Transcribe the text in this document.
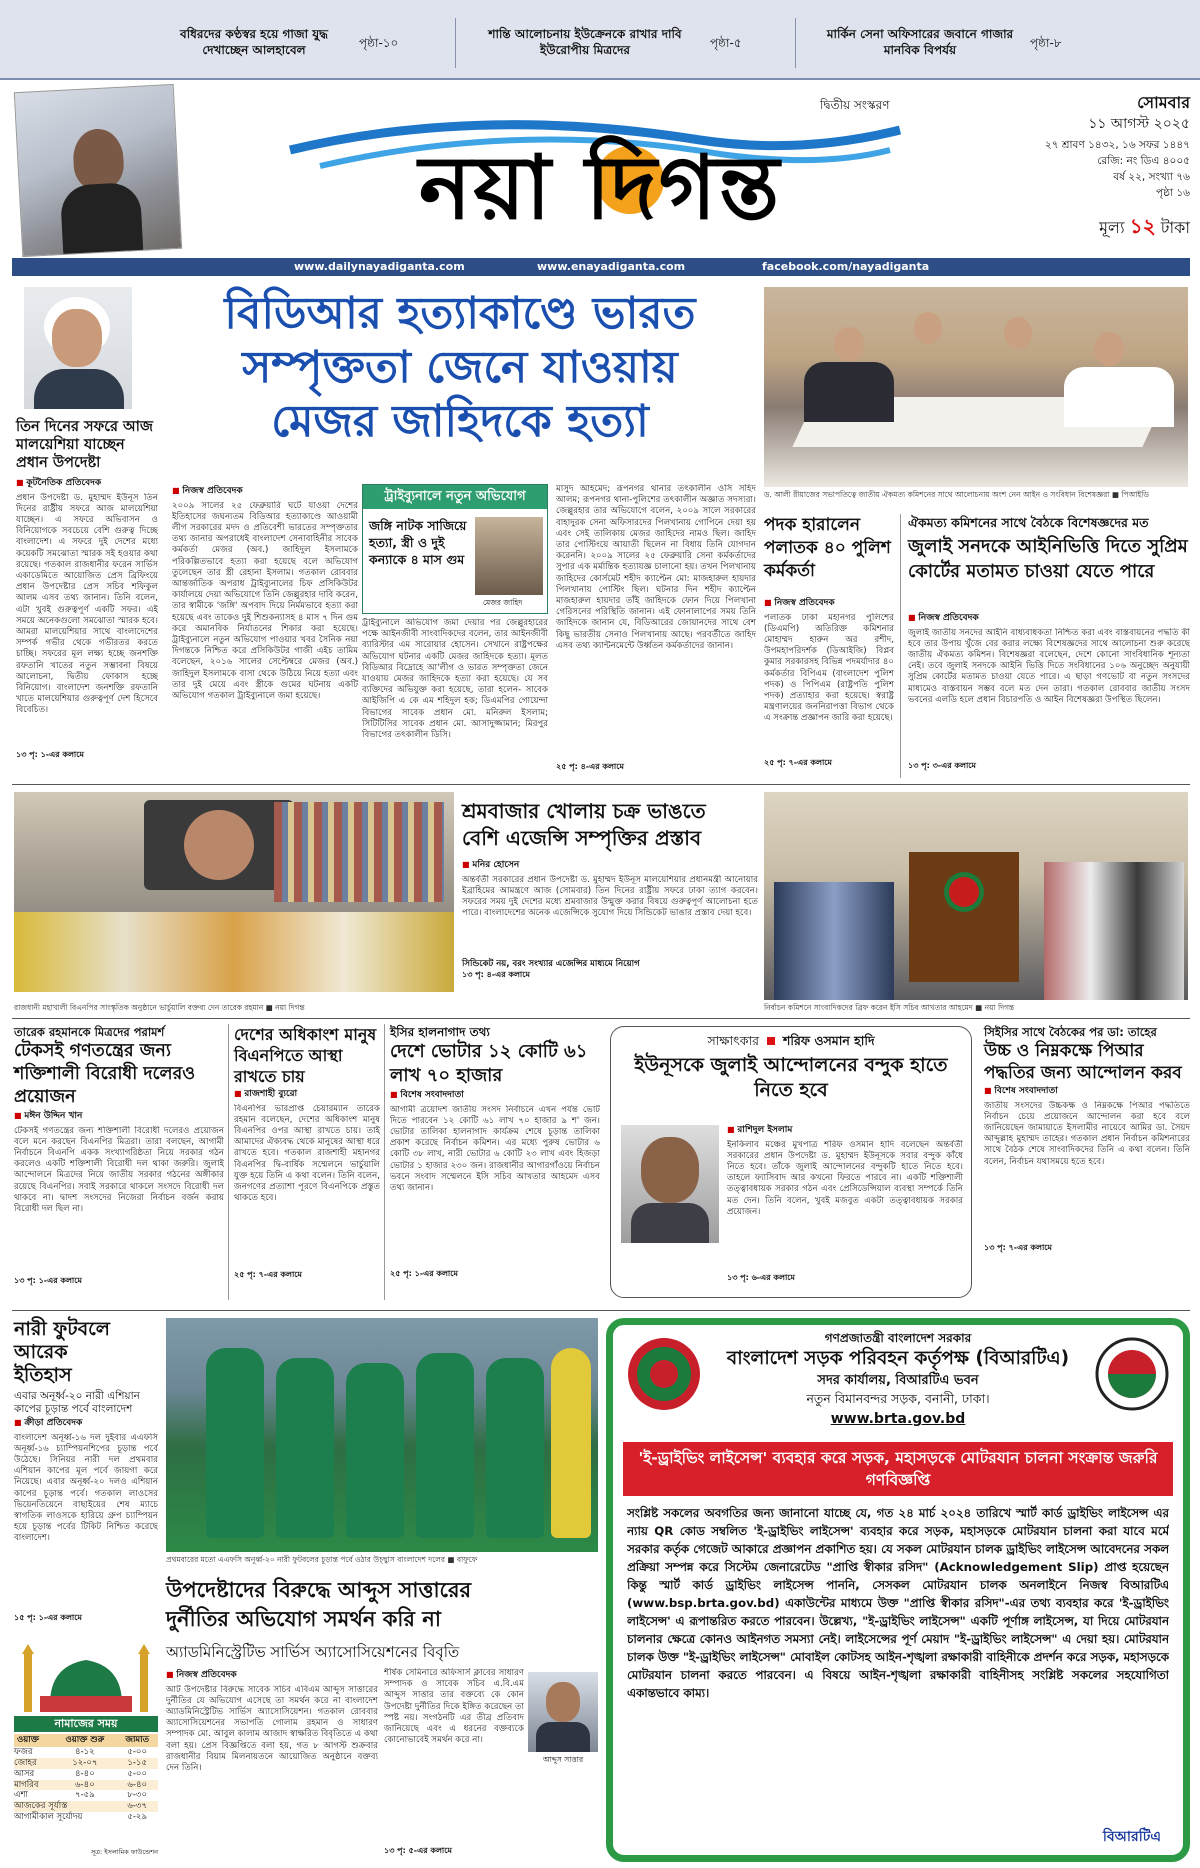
বধিরদের কণ্ঠস্বর হয়ে গাজা যুদ্ধ দেখাচ্ছেন আলহাবেল	পৃষ্ঠা-১০
শান্তি আলোচনায় ইউক্রেনকে রাখার দাবি ইউরোপীয় মিত্রদের	পৃষ্ঠা-৫
মার্কিন সেনা অফিসারের জবানে গাজার মানবিক বিপর্যয়	পৃষ্ঠা-৮
দ্বিতীয় সংস্করণ
নয়া দিগন্ত
সোমবার
১১ আগস্ট ২০২৫
২৭ শ্রাবণ ১৪৩২, ১৬ সফর ১৪৪৭
রেজি: নং ডিএ ৪০০৫
বর্ষ ২২, সংখ্যা ৭৬
পৃষ্ঠা ১৬
মূল্য ১২ টাকা
www.dailynayadiganta.com	www.enayadiganta.com	facebook.com/nayadiganta
তিন দিনের সফরে আজ মালয়েশিয়া যাচ্ছেন প্রধান উপদেষ্টা
■ কূটনৈতিক প্রতিবেদক
প্রধান উপদেষ্টা ড. মুহাম্মদ ইউনূস তিন দিনের রাষ্ট্রীয় সফরে আজ মালয়েশিয়া যাচ্ছেন। এ সফরে অভিবাসন ও বিনিয়োগকে সবচেয়ে বেশি গুরুত্ব দিচ্ছে বাংলাদেশ। এ সফরে দুই দেশের মধ্যে কয়েকটি সমঝোতা স্মারক সই হওয়ার কথা রয়েছে। গতকাল রাজধানীর ফরেন সার্ভিস একাডেমিতে আয়োজিত প্রেস ব্রিফিংয়ে প্রধান উপদেষ্টার প্রেস সচিব শফিকুল আলম এসব তথ্য জানান। তিনি বলেন, এটা খুবই গুরুত্বপূর্ণ একটি সফর। এই সময়ে অনেকগুলো সমঝোতা স্মারক হবে। আমরা মালয়েশিয়ার সাথে বাংলাদেশের সম্পর্ক গভীর থেকে গভীরতর করতে চাচ্ছি। সফরের মূল লক্ষ্য হচ্ছে জনশক্তি রফতানি খাতের নতুন সম্ভাবনা বিষয়ে আলোচনা, দ্বিতীয় ফোকাস হচ্ছে বিনিয়োগ। বাংলাদেশ জনশক্তি রফতানি খাতে মালয়েশিয়ার গুরুত্বপূর্ণ দেশ হিসেবে বিবেচিত।
১৩ পৃ: ১-এর কলামে
বিডিআর হত্যাকাণ্ডে ভারত
সম্পৃক্ততা জেনে যাওয়ায়
মেজর জাহিদকে হত্যা
■ নিজস্ব প্রতিবেদক
২০০৯ সালের ২৫ ফেব্রুয়ারি ঘটে যাওয়া দেশের ইতিহাসের জঘন্যতম বিডিআর হত্যাকাণ্ডে আওয়ামী লীগ সরকারের মদদ ও প্রতিবেশী ভারতের সম্পৃক্ততার তথ্য জানার অপরাধেই বাংলাদেশ সেনাবাহিনীর সাবেক কর্মকর্তা মেজর (অব.) জাহিদুল ইসলামকে পরিকল্পিতভাবে হত্যা করা হয়েছে বলে অভিযোগ তুলেছেন তার স্ত্রী রেহানা ইসলাম। গতকাল রোববার আন্তর্জাতিক অপরাধ ট্রাইব্যুনালের চিফ প্রসিকিউটর কার্যালয়ে দেয়া অভিযোগে তিনি জেল্লুরহার দাবি করেন, তার স্বামীকে 'জঙ্গি' অপবাদ দিয়ে নির্মমভাবে হত্যা করা হয়েছে এবং তাকেও দুই শিশুকন্যাসহ ৪ মাস ৭ দিন গুম করে অমানবিক নির্যাতনের শিকার করা হয়েছে। ট্রাইব্যুনালে নতুন অভিযোগ পাওয়ার খবর সৈনিক নয়া দিগন্তকে নিশ্চিত করে প্রসিকিউটর গাজী এইচ তামিম বলেছেন, ২০১৬ সালের সেপ্টেম্বরে মেজর (অব.) জাহিদুল ইসলামকে বাসা থেকে উঠিয়ে নিয়ে হত্যা এবং তার দুই মেয়ে এবং স্ত্রীকে গুমের ঘটনায় একটি অভিযোগ গতকাল ট্রাইব্যুনালে জমা হয়েছে।
ট্রাইব্যুনালে নতুন অভিযোগ
জঙ্গি নাটক সাজিয়ে হত্যা, স্ত্রী ও দুই কন্যাকে ৪ মাস গুম
মেজর জাহিদ
ট্রাইব্যুনালে অভিযোগ জমা দেয়ার পর জেল্লুরহারের পক্ষে আইনজীবী সাংবাদিকদের বলেন, তার আইনজীবী ব্যারিস্টার এম সারোয়ার হোসেন। সেখানে রাষ্ট্রপক্ষের অভিযোগ ঘটনার একটি মেজর জাহিদকে হত্যা। মূলত বিডিআর বিদ্রোহে আ'লীগ ও ভারত সম্পৃক্ততা জেনে যাওয়ায় মেজর জাহিদকে হত্যা করা হয়েছে। যে সব ব্যক্তিদের অভিযুক্ত করা হয়েছে, তারা হলেন- সাবেক আইজিপি এ কে এম শহিদুল হক; ডিএমপির গোয়েন্দা বিভাগের সাবেক প্রধান মো. মনিরুল ইসলাম; সিটিটিসির সাবেক প্রধান মো. আসাদুজ্জামান; মিরপুর বিভাগের তৎকালীন ডিসি।
মাসুদ আহমেদ; রূপনগর থানার তৎকালীন ওসি সহিদ আলম; রূপনগর থানা-পুলিশের তৎকালীন অজ্ঞাত সদস্যরা। জেল্লুরহার তার অভিযোগে বলেন, ২০০৯ সালে সরকারের বাহাদুরক সেনা অফিসারদের পিলখানায় গোপিনে দেয়া হয় এবং সেই তালিকায় মেজর জাহিদের নামও ছিল। জাহিদ তার পোস্টিংয়ে আয়াতী ছিলেন না বিধায় তিনি যোগদান করেননি। ২০০৯ সালের ২৫ ফেব্রুয়ারি সেনা কর্মকর্তাদের সুপার এক মর্মান্তিক হত্যাযজ্ঞ চালানো হয়। তখন পিলখানায় জাহিদের কোর্সমেট শহীদ ক্যাপ্টেন মো: মাজহারুল হায়দার পিলখানায় পোস্টিং ছিল। ঘটনার দিন শহীদ ক্যাপ্টেন মাজহারুল হায়দার তাঁই জাহিদকে ফোন দিয়ে পিলখানা গেরিসনের পরিস্থিতি জানান। এই ফোনালাপের সময় তিনি জাহিদকে জানান যে, বিডিআরের জোয়ানদের সাথে বেশ কিছু ভারতীয় সেনাও পিলখানায় আছে। পরবর্তীতে জাহিদ এসব তথ্য ক্যান্টনমেন্টে উর্ধ্বতন কর্মকর্তাদের জানান।
২৫ পৃ: ৪-এর কলামে
ড. আলী রীয়াজের সভাপতিত্বে জাতীয় ঐকমত্য কমিশনের সাথে আলোচনায় অংশ নেন আইন ও সংবিধান বিশেষজ্ঞরা ■ পিআইডি
পদক হারালেন পলাতক ৪০ পুলিশ কর্মকর্তা
■ নিজস্ব প্রতিবেদক
পলাতক ঢাকা মহানগর পুলিশের (ডিএমপি) অতিরিক্ত কমিশনার মোহাম্মদ হারুন অর রশীদ, উপমহাপরিদর্শক (ডিআইজি) বিপ্লব কুমার সরকারসহ বিভিন্ন পদমর্যাদার ৪০ কর্মকর্তার বিপিএম (বাংলাদেশ পুলিশ পদক) ও পিপিএম (রাষ্ট্রপতি পুলিশ পদক) প্রত্যাহার করা হয়েছে। স্বরাষ্ট্র মন্ত্রণালয়ের জননিরাপত্তা বিভাগ থেকে এ সংক্রান্ত প্রজ্ঞাপন জারি করা হয়েছে।
২৫ পৃ: ৭-এর কলামে
ঐকমত্য কমিশনের সাথে বৈঠকে বিশেষজ্ঞদের মত
জুলাই সনদকে আইনিভিত্তি দিতে সুপ্রিম কোর্টের মতামত চাওয়া যেতে পারে
■ নিজস্ব প্রতিবেদক
জুলাই জাতীয় সনদের আইনি বাধ্যবাধকতা নিশ্চিত করা এবং বাস্তবায়নের পদ্ধতি কী হবে তার উপায় খুঁজে বের করার লক্ষ্যে বিশেষজ্ঞদের সাথে আলোচনা শুরু করেছে জাতীয় ঐকমত্য কমিশন। বিশেষজ্ঞরা বলেছেন, দেশে কোনো সাংবিধানিক শূন্যতা নেই। তবে জুলাই সনদকে আইনি ভিত্তি দিতে সংবিধানের ১০৬ অনুচ্ছেদ অনুযায়ী সুপ্রিম কোর্টের মতামত চাওয়া যেতে পারে। এ ছাড়া গণভোট বা নতুন সংসদের মাধ্যমেও বাস্তবায়ন সম্ভব বলে মত দেন তারা। গতকাল রোববার জাতীয় সংসদ ভবনের এলডি হলে প্রধান বিচারপতি ও আইন বিশেষজ্ঞরা উপস্থিত ছিলেন।
১৩ পৃ: ৩-এর কলামে
শ্রমবাজার খোলায় চক্র ভাঙতে
বেশি এজেন্সি সম্পৃক্তির প্রস্তাব
■ মনির হোসেন
অন্তর্বর্তী সরকারের প্রধান উপদেষ্টা ড. মুহাম্মদ ইউনূস মালয়েশিয়ার প্রধানমন্ত্রী আনোয়ার ইব্রাহিমের আমন্ত্রণে আজ (সোমবার) তিন দিনের রাষ্ট্রীয় সফরে ঢাকা ত্যাগ করবেন। সফরের সময় দুই দেশের মধ্যে শ্রমবাজার উন্মুক্ত করার বিষয়ে গুরুত্বপূর্ণ আলোচনা হতে পারে। বাংলাদেশের অনেক এজেন্সিকে সুযোগ দিয়ে সিন্ডিকেট ভাঙার প্রস্তাব দেয়া হবে।
সিন্ডিকেট নয়, বরং সংখ্যার এজেন্সির মাধ্যমে নিয়োগ
১৩ পৃ: ৪-এর কলামে
রাজধানী মহাখালী বিএনপির সাংস্কৃতিক অনুষ্ঠানে ভার্চুয়ালি বক্তব্য দেন তারেক রহমান ■ নয়া দিগন্ত	নির্বাচন কমিশনে সাংবাদিকদের ব্রিফ করেন ইসি সচিব আখতার আহমেদ ■ নয়া দিগন্ত
তারেক রহমানকে মিত্রদের পরামর্শ
টেকসই গণতন্ত্রের জন্য শক্তিশালী বিরোধী দলেরও প্রয়োজন
■ মঈন উদ্দিন খান
টেকসই গণতন্ত্রের জন্য শক্তিশালী বিরোধী দলেরও প্রয়োজন বলে মনে করছেন বিএনপির মিত্ররা। তারা বলছেন, আগামী নির্বাচনে বিএনপি একক সংখ্যাগরিষ্ঠতা নিয়ে সরকার গঠন করলেও একটি শক্তিশালী বিরোধী দল থাকা জরুরি। জুলাই আন্দোলনে মিত্রদের নিয়ে জাতীয় সরকার গঠনের অঙ্গীকার রয়েছে বিএনপির। সবাই সরকারে থাকলে সংসদে বিরোধী দল থাকবে না। দ্বাদশ সংসদের নিজেরা নির্বাচন বর্জন করায় বিরোধী দল ছিল না।
১৩ পৃ: ১-এর কলামে
দেশের অধিকাংশ মানুষ বিএনপিতে আস্থা রাখতে চায়
■ রাজশাহী ব্যুরো
বিএনপির ভারপ্রাপ্ত চেয়ারম্যান তারেক রহমান বলেছেন, দেশের অধিকাংশ মানুষ বিএনপির ওপর আস্থা রাখতে চায়। তাই আমাদের ঐক্যবদ্ধ থেকে মানুষের আস্থা ধরে রাখতে হবে। গতকাল রাজশাহী মহানগর বিএনপির দ্বি-বার্ষিক সম্মেলনে ভার্চুয়ালি যুক্ত হয়ে তিনি এ কথা বলেন। তিনি বলেন, জনগণের প্রত্যাশা পূরণে বিএনপিকে প্রস্তুত থাকতে হবে।
২৫ পৃ: ৭-এর কলামে
ইসির হালনাগাদ তথ্য
দেশে ভোটার ১২ কোটি ৬১ লাখ ৭০ হাজার
■ বিশেষ সংবাদদাতা
আগামী ত্রয়োদশ জাতীয় সংসদ নির্বাচনে এখন পর্যন্ত ভোট দিতে পারবেন ১২ কোটি ৬১ লাখ ৭০ হাজার ৯ শ' জন। ভোটার তালিকা হালনাগাদ কার্যক্রম শেষে চূড়ান্ত তালিকা প্রকাশ করেছে নির্বাচন কমিশন। এর মধ্যে পুরুষ ভোটার ৬ কোটি ৩৮ লাখ, নারী ভোটার ৬ কোটি ২৩ লাখ এবং হিজড়া ভোটার ১ হাজার ২৩০ জন। রাজধানীর আগারগাঁওয়ে নির্বাচন ভবনে সংবাদ সম্মেলনে ইসি সচিব আখতার আহমেদ এসব তথ্য জানান।
২৫ পৃ: ১-এর কলামে
সাক্ষাৎকার শরিফ ওসমান হাদি
ইউনূসকে জুলাই আন্দোলনের বন্দুক হাতে নিতে হবে
■ রাশিদুল ইসলাম
ইনকিলাব মঞ্চের মুখপাত্র শরিফ ওসমান হাদি বলেছেন অন্তর্বর্তী সরকারের প্রধান উপদেষ্টা ড. মুহাম্মদ ইউনূসকে সবার বন্দুক কাঁধে নিতে হবে। তাঁকে জুলাই আন্দোলনের বন্দুকটি হাতে নিতে হবে। তাহলে ফ্যাসিবাদ আর কখনো ফিরতে পারবে না। একটি শক্তিশালী তত্ত্বাবধায়ক সরকার গঠন এবং প্রেসিডেন্সিয়াল ব্যবস্থা সম্পর্কে তিনি মত দেন। তিনি বলেন, খুবই মজবুত একটা তত্ত্বাবধায়ক সরকার প্রয়োজন।
১৩ পৃ: ৬-এর কলামে
সিইসির সাথে বৈঠকের পর ডা: তাহের
উচ্চ ও নিম্নকক্ষে পিআর পদ্ধতির জন্য আন্দোলন করব
■ বিশেষ সংবাদদাতা
জাতীয় সংসদের উচ্চকক্ষ ও নিম্নকক্ষে পিআর পদ্ধতিতে নির্বাচন চেয়ে প্রয়োজনে আন্দোলন করা হবে বলে জানিয়েছেন জামায়াতে ইসলামীর নায়েবে আমির ডা. সৈয়দ আব্দুল্লাহ মুহাম্মদ তাহের। গতকাল প্রধান নির্বাচন কমিশনারের সাথে বৈঠক শেষে সাংবাদিকদের তিনি এ কথা বলেন। তিনি বলেন, নির্বাচন যথাসময়ে হতে হবে।
১৩ পৃ: ৭-এর কলামে
নারী ফুটবলে আরেক ইতিহাস
এবার অনূর্ধ্ব-২০ নারী এশিয়ান কাপের চূড়ান্ত পর্বে বাংলাদেশ
■ ক্রীড়া প্রতিবেদক
বাংলাদেশ অনূর্ধ্ব-১৬ দল দুইবার এএফসি অনূর্ধ্ব-১৬ চ্যাম্পিয়নশিপের চূড়ান্ত পর্বে উঠেছে। সিনিয়র নারী দল প্রথমবার এশিয়ান কাপের মূল পর্বে জায়গা করে নিয়েছে। এবার অনূর্ধ্ব-২০ দলও এশিয়ান কাপের চূড়ান্ত পর্বে। গতকাল লাওসের ভিয়েনতিয়েনে বাছাইয়ের শেষ ম্যাচে স্বাগতিক লাওসকে হারিয়ে গ্রুপ চ্যাম্পিয়ন হয়ে চূড়ান্ত পর্বের টিকিট নিশ্চিত করেছে বাংলাদেশ।
১৫ পৃ: ১-এর কলামে
প্রথমবারের মতো এএফসি অনূর্ধ্ব-২০ নারী ফুটবলের চূড়ান্ত পর্বে ওঠার উচ্ছ্বাস বাংলাদেশ দলের ■ বাফুফে
নামাজের সময়
ওয়াক্ত	ওয়াক্ত শুরু	জামাত
ফজর	৪-১২	৫-০০
জোহর	১২-০৭	১-১৫
আসর	৪-৪০	৫-০০
মাগরিব	৬-৪০	৬-৪০
এশা	৭-৫৯	৮-৩০
আজকের সূর্যাস্ত		৬-৩৭
আগামীকাল সূর্যোদয়		৫-২৯
সূত্র: ইসলামিক ফাউন্ডেশন
উপদেষ্টাদের বিরুদ্ধে আব্দুস সাত্তারের
দুর্নীতির অভিযোগ সমর্থন করি না
অ্যাডমিনিস্ট্রেটিভ সার্ভিস অ্যাসোসিয়েশনের বিবৃতি
■ নিজস্ব প্রতিবেদক
আট উপদেষ্টার বিরুদ্ধে সাবেক সচিব এবিএম আব্দুস সাত্তারের দুর্নীতির যে অভিযোগ এসেছে তা সমর্থন করে না বাংলাদেশ অ্যাডমিনিস্ট্রেটিভ সার্ভিস অ্যাসোসিয়েশন। গতকাল রোববার অ্যাসোসিয়েশনের সভাপতি গোলাম রহমান ও সাধারণ সম্পাদক মো. আবুল কালাম আজাদ স্বাক্ষরিত বিবৃতিতে এ কথা বলা হয়। প্রেস বিজ্ঞপ্তিতে বলা হয়, গত ৮ আগস্ট শুক্রবার রাজধানীর বিয়াম মিলনায়তনে আয়োজিত অনুষ্ঠানে বক্তব্য দেন তিনি।
শীর্ষক সেমিনারে অফিসার্স ক্লাবের সাধারণ সম্পাদক ও সাবেক সচিব এ.বি.এম আব্দুস সাত্তার তার বক্তব্যে কে কোন উপদেষ্টা দুর্নীতির দিকে ইঙ্গিত করেছেন তা স্পষ্ট নয়। সংগঠনটি এর তীব্র প্রতিবাদ জানিয়েছে এবং এ ধরনের বক্তব্যকে কোনোভাবেই সমর্থন করে না।
১৩ পৃ: ৫-এর কলামে
আব্দুস সাত্তার
গণপ্রজাতন্ত্রী বাংলাদেশ সরকার
বাংলাদেশ সড়ক পরিবহন কর্তৃপক্ষ (বিআরটিএ)
সদর কার্যালয়, বিআরটিএ ভবন
নতুন বিমানবন্দর সড়ক, বনানী, ঢাকা।
www.brta.gov.bd
'ই-ড্রাইভিং লাইসেন্স' ব্যবহার করে সড়ক, মহাসড়কে মোটরযান চালনা সংক্রান্ত জরুরি গণবিজ্ঞপ্তি
সংশ্লিষ্ট সকলের অবগতির জন্য জানানো যাচ্ছে যে, গত ২৪ মার্চ ২০২৪ তারিখে স্মার্ট কার্ড ড্রাইভিং লাইসেন্স এর ন্যায় QR কোড সম্বলিত 'ই-ড্রাইভিং লাইসেন্স' ব্যবহার করে সড়ক, মহাসড়কে মোটরযান চালনা করা যাবে মর্মে সরকার কর্তৃক গেজেট আকারে প্রজ্ঞাপন প্রকাশিত হয়। যে সকল মোটরযান চালক ড্রাইভিং লাইসেন্স আবেদনের সকল প্রক্রিয়া সম্পন্ন করে সিস্টেম জেনারেটেড "প্রাপ্তি স্বীকার রসিদ" (Acknowledgement Slip) প্রাপ্ত হয়েছেন কিন্তু স্মার্ট কার্ড ড্রাইভিং লাইসেন্স পাননি, সেসকল মোটরযান চালক অনলাইনে নিজস্ব বিআরটিএ (www.bsp.brta.gov.bd) একাউন্টের মাধ্যমে উক্ত "প্রাপ্তি স্বীকার রসিদ"-এর তথ্য ব্যবহার করে 'ই-ড্রাইভিং লাইসেন্স' এ রূপান্তরিত করতে পারবেন। উল্লেখ্য, "ই-ড্রাইভিং লাইসেন্স" একটি পূর্ণাঙ্গ লাইসেন্স, যা দিয়ে মোটরযান চালনার ক্ষেত্রে কোনও আইনগত সমস্যা নেই। লাইসেন্সের পূর্ণ মেয়াদ "ই-ড্রাইভিং লাইসেন্স" এ দেয়া হয়। মোটরযান চালক উক্ত "ই-ড্রাইভিং লাইসেন্স" মোবাইল কোটসহ আইন-শৃঙ্খলা রক্ষাকারী বাহিনীকে প্রদর্শন করে সড়ক, মহাসড়কে মোটরযান চালনা করতে পারবেন। এ বিষয়ে আইন-শৃঙ্খলা রক্ষাকারী বাহিনীসহ সংশ্লিষ্ট সকলের সহযোগিতা একান্তভাবে কাম্য।
বিআরটিএ
